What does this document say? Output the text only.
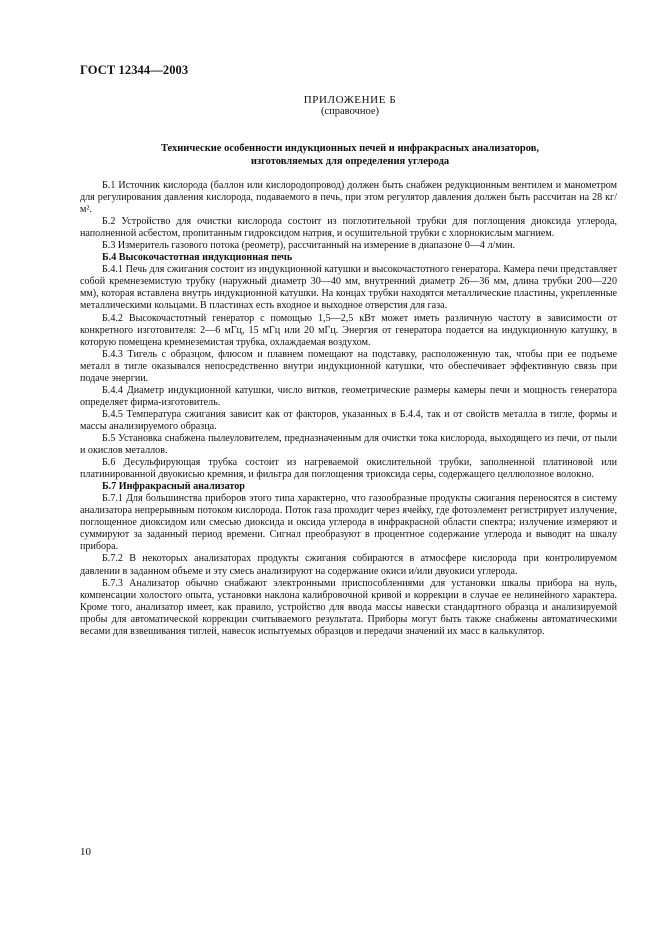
ГОСТ 12344—2003
ПРИЛОЖЕНИЕ Б
(справочное)
Технические особенности индукционных печей и инфракрасных анализаторов,
изготовляемых для определения углерода

Б.1 Источник кислорода (баллон или кислородопровод) должен быть снабжен редукционным вентилем и манометром для регулирования давления кислорода, подаваемого в печь, при этом регулятор давления должен быть рассчитан на 28 кг/м².

Б.2 Устройство для очистки кислорода состоит из поглотительной трубки для поглощения диоксида углерода, наполненной асбестом, пропитанным гидроксидом натрия, и осушительной трубки с хлорнокислым магнием.

Б.3 Измеритель газового потока (реометр), рассчитанный на измерение в диапазоне 0—4 л/мин.

Б.4 Высокочастотная индукционная печь

Б.4.1 Печь для сжигания состоит из индукционной катушки и высокочастотного генератора. Камера печи представляет собой кремнеземистую трубку (наружный диаметр 30—40 мм, внутренний диаметр 26—36 мм, длина трубки 200—220 мм), которая вставлена внутрь индукционной катушки. На концах трубки находятся металлические пластины, укрепленные металлическими кольцами. В пластинах есть входное и выходное отверстия для газа.

Б.4.2 Высокочастотный генератор с помощью 1,5—2,5 кВт может иметь различную частоту в зависимости от конкретного изготовителя: 2—6 мГц, 15 мГц или 20 мГц. Энергия от генератора подается на индукционную катушку, в которую помещена кремнеземистая трубка, охлаждаемая воздухом.

Б.4.3 Тигель с образцом, флюсом и плавнем помещают на подставку, расположенную так, чтобы при ее подъеме металл в тигле оказывался непосредственно внутри индукционной катушки, что обеспечивает эффективную связь при подаче энергии.

Б.4.4 Диаметр индукционной катушки, число витков, геометрические размеры камеры печи и мощность генератора определяет фирма-изготовитель.

Б.4.5 Температура сжигания зависит как от факторов, указанных в Б.4.4, так и от свойств металла в тигле, формы и массы анализируемого образца.

Б.5 Установка снабжена пылеуловителем, предназначенным для очистки тока кислорода, выходящего из печи, от пыли и окислов металлов.

Б.6 Десульфирующая трубка состоит из нагреваемой окислительной трубки, заполненной платиновой или платинированной двуокисью кремния, и фильтра для поглощения триоксида серы, содержащего целлюлозное волокно.

Б.7 Инфракрасный анализатор

Б.7.1 Для большинства приборов этого типа характерно, что газообразные продукты сжигания переносятся в систему анализатора непрерывным потоком кислорода. Поток газа проходит через ячейку, где фотоэлемент регистрирует излучение, поглощенное диоксидом или смесью диоксида и оксида углерода в инфракрасной области спектра; излучение измеряют и суммируют за заданный период времени. Сигнал преобразуют в процентное содержание углерода и выводят на шкалу прибора.

Б.7.2 В некоторых анализаторах продукты сжигания собираются в атмосфере кислорода при контролируемом давлении в заданном объеме и эту смесь анализируют на содержание окиси и/или двуокиси углерода.

Б.7.3 Анализатор обычно снабжают электронными приспособлениями для установки шкалы прибора на нуль, компенсации холостого опыта, установки наклона калибровочной кривой и коррекции в случае ее нелинейного характера. Кроме того, анализатор имеет, как правило, устройство для ввода массы навески стандартного образца и анализируемой пробы для автоматической коррекции считываемого результата. Приборы могут быть также снабжены автоматическими весами для взвешивания тиглей, навесок испытуемых образцов и передачи значений их масс в калькулятор.

10
